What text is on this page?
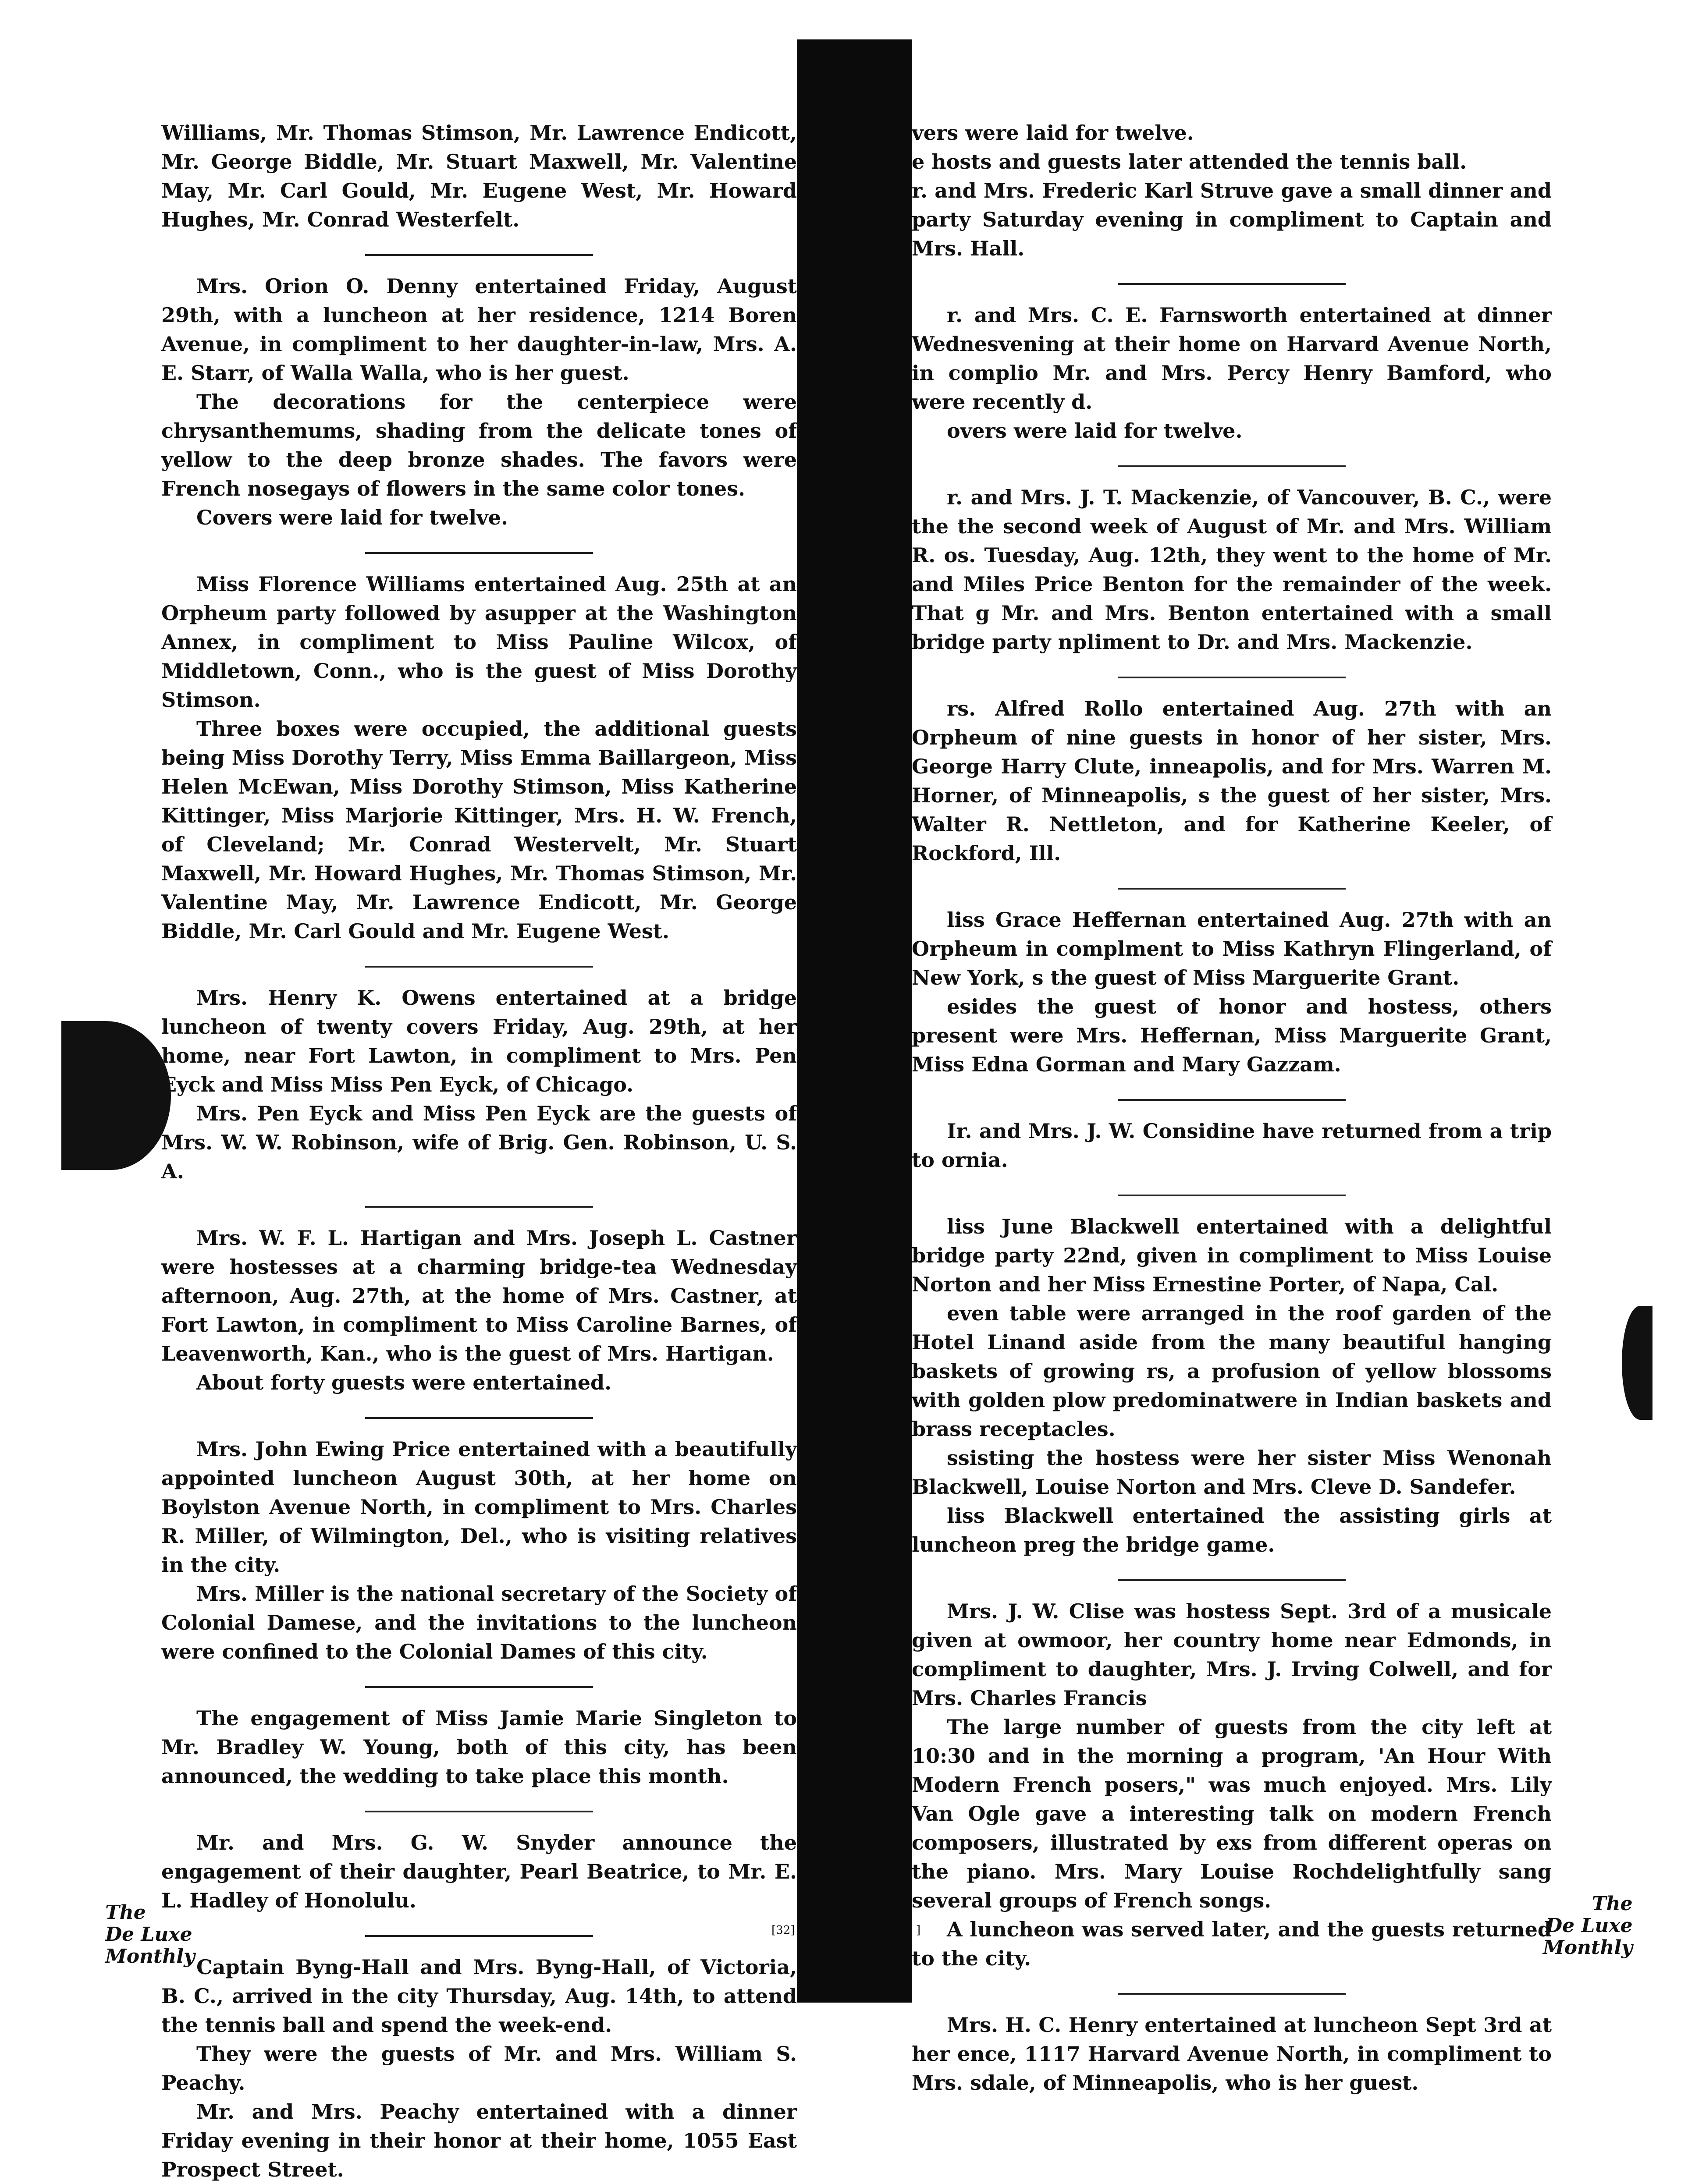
Williams, Mr. Thomas Stimson, Mr. Lawrence Endicott, Mr. George Biddle, Mr. Stuart Maxwell, Mr. Valentine May, Mr. Carl Gould, Mr. Eugene West, Mr. Howard Hughes, Mr. Conrad Westerfelt.

Mrs. Orion O. Denny entertained Friday, August 29th, with a luncheon at her residence, 1214 Boren Avenue, in compliment to her daughter-in-law, Mrs. A. E. Starr, of Walla Walla, who is her guest.

The decorations for the centerpiece were chrysanthemums, shading from the delicate tones of yellow to the deep bronze shades. The favors were French nosegays of flowers in the same color tones.

Covers were laid for twelve.

Miss Florence Williams entertained Aug. 25th at an Orpheum party followed by asupper at the Washington Annex, in compliment to Miss Pauline Wilcox, of Middletown, Conn., who is the guest of Miss Dorothy Stimson.

Three boxes were occupied, the additional guests being Miss Dorothy Terry, Miss Emma Baillargeon, Miss Helen McEwan, Miss Dorothy Stimson, Miss Katherine Kittinger, Miss Marjorie Kittinger, Mrs. H. W. French, of Cleveland; Mr. Conrad Westervelt, Mr. Stuart Maxwell, Mr. Howard Hughes, Mr. Thomas Stimson, Mr. Valentine May, Mr. Lawrence Endicott, Mr. George Biddle, Mr. Carl Gould and Mr. Eugene West.

Mrs. Henry K. Owens entertained at a bridge luncheon of twenty covers Friday, Aug. 29th, at her home, near Fort Lawton, in compliment to Mrs. Pen Eyck and Miss Miss Pen Eyck, of Chicago.

Mrs. Pen Eyck and Miss Pen Eyck are the guests of Mrs. W. W. Robinson, wife of Brig. Gen. Robinson, U. S. A.

Mrs. W. F. L. Hartigan and Mrs. Joseph L. Castner were hostesses at a charming bridge-tea Wednesday afternoon, Aug. 27th, at the home of Mrs. Castner, at Fort Lawton, in compliment to Miss Caroline Barnes, of Leavenworth, Kan., who is the guest of Mrs. Hartigan.

About forty guests were entertained.

Mrs. John Ewing Price entertained with a beautifully appointed luncheon August 30th, at her home on Boylston Avenue North, in compliment to Mrs. Charles R. Miller, of Wilmington, Del., who is visiting relatives in the city.

Mrs. Miller is the national secretary of the Society of Colonial Damese, and the invitations to the luncheon were confined to the Colonial Dames of this city.

The engagement of Miss Jamie Marie Singleton to Mr. Bradley W. Young, both of this city, has been announced, the wedding to take place this month.

Mr. and Mrs. G. W. Snyder announce the engagement of their daughter, Pearl Beatrice, to Mr. E. L. Hadley of Honolulu.

Captain Byng-Hall and Mrs. Byng-Hall, of Victoria, B. C., arrived in the city Thursday, Aug. 14th, to attend the tennis ball and spend the week-end.

They were the guests of Mr. and Mrs. William S. Peachy.

Mr. and Mrs. Peachy entertained with a dinner Friday evening in their honor at their home, 1055 East Prospect Street.

vers were laid for twelve.

e hosts and guests later attended the tennis ball.

r. and Mrs. Frederic Karl Struve gave a small dinner and party Saturday evening in compliment to Captain and Mrs. Hall.

r. and Mrs. C. E. Farnsworth entertained at dinner Wednesvening at their home on Harvard Avenue North, in complio Mr. and Mrs. Percy Henry Bamford, who were recently d.

overs were laid for twelve.

r. and Mrs. J. T. Mackenzie, of Vancouver, B. C., were the the second week of August of Mr. and Mrs. William R. os. Tuesday, Aug. 12th, they went to the home of Mr. and Miles Price Benton for the remainder of the week. That g Mr. and Mrs. Benton entertained with a small bridge party npliment to Dr. and Mrs. Mackenzie.

rs. Alfred Rollo entertained Aug. 27th with an Orpheum of nine guests in honor of her sister, Mrs. George Harry Clute, inneapolis, and for Mrs. Warren M. Horner, of Minneapolis, s the guest of her sister, Mrs. Walter R. Nettleton, and for Katherine Keeler, of Rockford, Ill.

liss Grace Heffernan entertained Aug. 27th with an Orpheum in complment to Miss Kathryn Flingerland, of New York, s the guest of Miss Marguerite Grant.

esides the guest of honor and hostess, others present were Mrs. Heffernan, Miss Marguerite Grant, Miss Edna Gorman and Mary Gazzam.

Ir. and Mrs. J. W. Considine have returned from a trip to ornia.

liss June Blackwell entertained with a delightful bridge party 22nd, given in compliment to Miss Louise Norton and her Miss Ernestine Porter, of Napa, Cal.

even table were arranged in the roof garden of the Hotel Linand aside from the many beautiful hanging baskets of growing rs, a profusion of yellow blossoms with golden plow predominatwere in Indian baskets and brass receptacles.

ssisting the hostess were her sister Miss Wenonah Blackwell, Louise Norton and Mrs. Cleve D. Sandefer.

liss Blackwell entertained the assisting girls at luncheon preg the bridge game.

Mrs. J. W. Clise was hostess Sept. 3rd of a musicale given at owmoor, her country home near Edmonds, in compliment to daughter, Mrs. J. Irving Colwell, and for Mrs. Charles Francis

The large number of guests from the city left at 10:30 and in the morning a program, 'An Hour With Modern French posers," was much enjoyed. Mrs. Lily Van Ogle gave a interesting talk on modern French composers, illustrated by exs from different operas on the piano. Mrs. Mary Louise Rochdelightfully sang several groups of French songs.

A luncheon was served later, and the guests returned to the city.

Mrs. H. C. Henry entertained at luncheon Sept 3rd at her ence, 1117 Harvard Avenue North, in compliment to Mrs. sdale, of Minneapolis, who is her guest.

The
De Luxe
Monthly
[32]	]
The
De Luxe
Monthly
